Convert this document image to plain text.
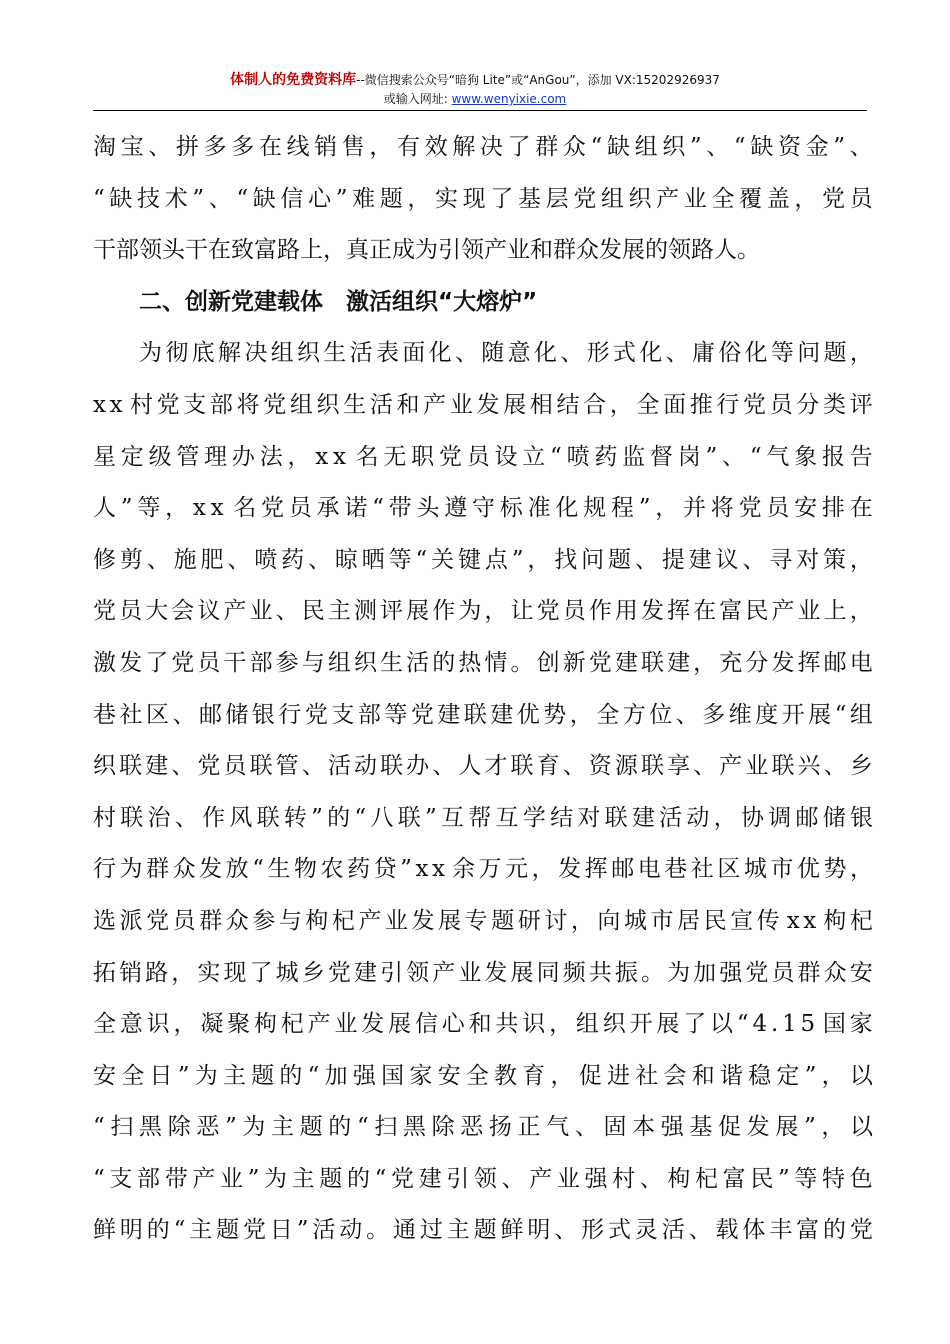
体制人的免费资料库--微信搜索公众号“暗狗 Lite”或“AnGou”，添加 VX:15202926937
或输入网址: www.wenyixie.com
淘 宝 、 拼 多 多 在 线 销 售 ， 有 效 解 决 了 群 众 “ 缺 组 织 ” 、 “ 缺 资 金 ” 、
“ 缺 技 术 ” 、 “ 缺 信 心 ” 难 题 ， 实 现 了 基 层 党 组 织 产 业 全 覆 盖 ， 党 员
干部领头干在致富路上，真正成为引领产业和群众发展的领路人。
二、创新党建载体　激活组织“大熔炉”
为 彻 底 解 决 组 织 生 活 表 面 化 、 随 意 化 、 形 式 化 、 庸 俗 化 等 问 题 ，
x x 村 党 支 部 将 党 组 织 生 活 和 产 业 发 展 相 结 合 ， 全 面 推 行 党 员 分 类 评
星 定 级 管 理 办 法 ， x x 名 无 职 党 员 设 立 “ 喷 药 监 督 岗 ” 、 “ 气 象 报 告
人 ” 等 ， x x 名 党 员 承 诺 “ 带 头 遵 守 标 准 化 规 程 ” ， 并 将 党 员 安 排 在
修 剪 、 施 肥 、 喷 药 、 晾 晒 等 “ 关 键 点 ” ， 找 问 题 、 提 建 议 、 寻 对 策 ，
党 员 大 会 议 产 业 、 民 主 测 评 展 作 为 ， 让 党 员 作 用 发 挥 在 富 民 产 业 上 ，
激 发 了 党 员 干 部 参 与 组 织 生 活 的 热 情 。 创 新 党 建 联 建 ， 充 分 发 挥 邮 电
巷 社 区 、 邮 储 银 行 党 支 部 等 党 建 联 建 优 势 ， 全 方 位 、 多 维 度 开 展 “ 组
织 联 建 、 党 员 联 管 、 活 动 联 办 、 人 才 联 育 、 资 源 联 享 、 产 业 联 兴 、 乡
村 联 治 、 作 风 联 转 ” 的 “ 八 联 ” 互 帮 互 学 结 对 联 建 活 动 ， 协 调 邮 储 银
行 为 群 众 发 放 “ 生 物 农 药 贷 ” x x 余 万 元 ， 发 挥 邮 电 巷 社 区 城 市 优 势 ，
选 派 党 员 群 众 参 与 枸 杞 产 业 发 展 专 题 研 讨 ， 向 城 市 居 民 宣 传 x x 枸 杞
拓 销 路 ， 实 现 了 城 乡 党 建 引 领 产 业 发 展 同 频 共 振 。 为 加 强 党 员 群 众 安
全 意 识 ， 凝 聚 枸 杞 产 业 发 展 信 心 和 共 识 ， 组 织 开 展 了 以 “ 4 . 1 5 国 家
安 全 日 ” 为 主 题 的 “ 加 强 国 家 安 全 教 育 ， 促 进 社 会 和 谐 稳 定 ” ， 以
“ 扫 黑 除 恶 ” 为 主 题 的 “ 扫 黑 除 恶 扬 正 气 、 固 本 强 基 促 发 展 ” ， 以
“ 支 部 带 产 业 ” 为 主 题 的 “ 党 建 引 领 、 产 业 强 村 、 枸 杞 富 民 ” 等 特 色
鲜 明 的 “ 主 题 党 日 ” 活 动 。 通 过 主 题 鲜 明 、 形 式 灵 活 、 载 体 丰 富 的 党
